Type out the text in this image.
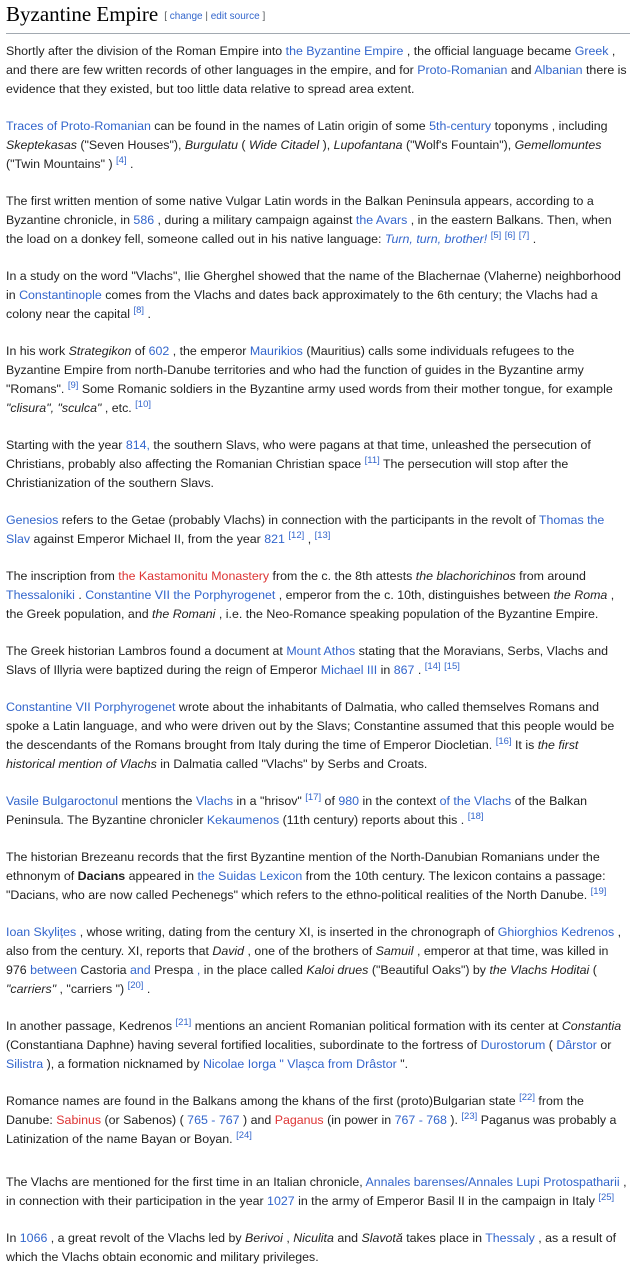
Byzantine Empire [ change | edit source ]

Shortly after the division of the Roman Empire into the Byzantine Empire , the official language became Greek , and there are few written records of other languages in the empire, and for Proto-Romanian and Albanian there is evidence that they existed, but too little data relative to spread area extent.

Traces of Proto-Romanian can be found in the names of Latin origin of some 5th-century toponyms , including Skeptekasas ("Seven Houses"), Burgulatu ( Wide Citadel ), Lupofantana ("Wolf's Fountain"), Gemellomuntes ("Twin Mountains" ) [4] .

The first written mention of some native Vulgar Latin words in the Balkan Peninsula appears, according to a Byzantine chronicle, in 586 , during a military campaign against the Avars , in the eastern Balkans. Then, when the load on a donkey fell, someone called out in his native language: Turn, turn, brother! [5] [6] [7] .

In a study on the word "Vlachs", Ilie Gherghel showed that the name of the Blachernae (Vlaherne) neighborhood in Constantinople comes from the Vlachs and dates back approximately to the 6th century; the Vlachs had a colony near the capital [8] .

In his work Strategikon of 602 , the emperor Maurikios (Mauritius) calls some individuals refugees to the Byzantine Empire from north-Danube territories and who had the function of guides in the Byzantine army "Romans". [9] Some Romanic soldiers in the Byzantine army used words from their mother tongue, for example "clisura", "sculca" , etc. [10]

Starting with the year 814, the southern Slavs, who were pagans at that time, unleashed the persecution of Christians, probably also affecting the Romanian Christian space [11] The persecution will stop after the Christianization of the southern Slavs.

Genesios refers to the Getae (probably Vlachs) in connection with the participants in the revolt of Thomas the Slav against Emperor Michael II, from the year 821 [12] , [13]

The inscription from the Kastamonitu Monastery from the c. the 8th attests the blachorichinos from around Thessaloniki . Constantine VII the Porphyrogenet , emperor from the c. 10th, distinguishes between the Roma , the Greek population, and the Romani , i.e. the Neo-Romance speaking population of the Byzantine Empire.

The Greek historian Lambros found a document at Mount Athos stating that the Moravians, Serbs, Vlachs and Slavs of Illyria were baptized during the reign of Emperor Michael III in 867 . [14] [15]

Constantine VII Porphyrogenet wrote about the inhabitants of Dalmatia, who called themselves Romans and spoke a Latin language, and who were driven out by the Slavs; Constantine assumed that this people would be the descendants of the Romans brought from Italy during the time of Emperor Diocletian. [16] It is the first historical mention of Vlachs in Dalmatia called "Vlachs" by Serbs and Croats.

Vasile Bulgaroctonul mentions the Vlachs in a "hrisov" [17] of 980 in the context of the Vlachs of the Balkan Peninsula. The Byzantine chronicler Kekaumenos (11th century) reports about this . [18]

The historian Brezeanu records that the first Byzantine mention of the North-Danubian Romanians under the ethnonym of Dacians appeared in the Suidas Lexicon from the 10th century. The lexicon contains a passage: "Dacians, who are now called Pechenegs" which refers to the ethno-political realities of the North Danube. [19]

Ioan Skylițes , whose writing, dating from the century XI, is inserted in the chronograph of Ghiorghios Kedrenos , also from the century. XI, reports that David , one of the brothers of Samuil , emperor at that time, was killed in 976 between Castoria and Prespa , in the place called Kaloi drues ("Beautiful Oaks") by the Vlachs Hoditai ( "carriers" , "carriers ") [20] .

In another passage, Kedrenos [21] mentions an ancient Romanian political formation with its center at Constantia (Constantiana Daphne) having several fortified localities, subordinate to the fortress of Durostorum ( Dârstor or Silistra ), a formation nicknamed by Nicolae Iorga " Vlașca from Drâstor ".

Romance names are found in the Balkans among the khans of the first (proto)Bulgarian state [22] from the Danube: Sabinus (or Sabenos) ( 765 - 767 ) and Paganus (in power in 767 - 768 ). [23] Paganus was probably a Latinization of the name Bayan or Boyan. [24]

The Vlachs are mentioned for the first time in an Italian chronicle, Annales barenses/Annales Lupi Protospatharii , in connection with their participation in the year 1027 in the army of Emperor Basil II in the campaign in Italy [25]

In 1066 , a great revolt of the Vlachs led by Berivoi , Niculita and Slavotă takes place in Thessaly , as a result of which the Vlachs obtain economic and military privileges.
